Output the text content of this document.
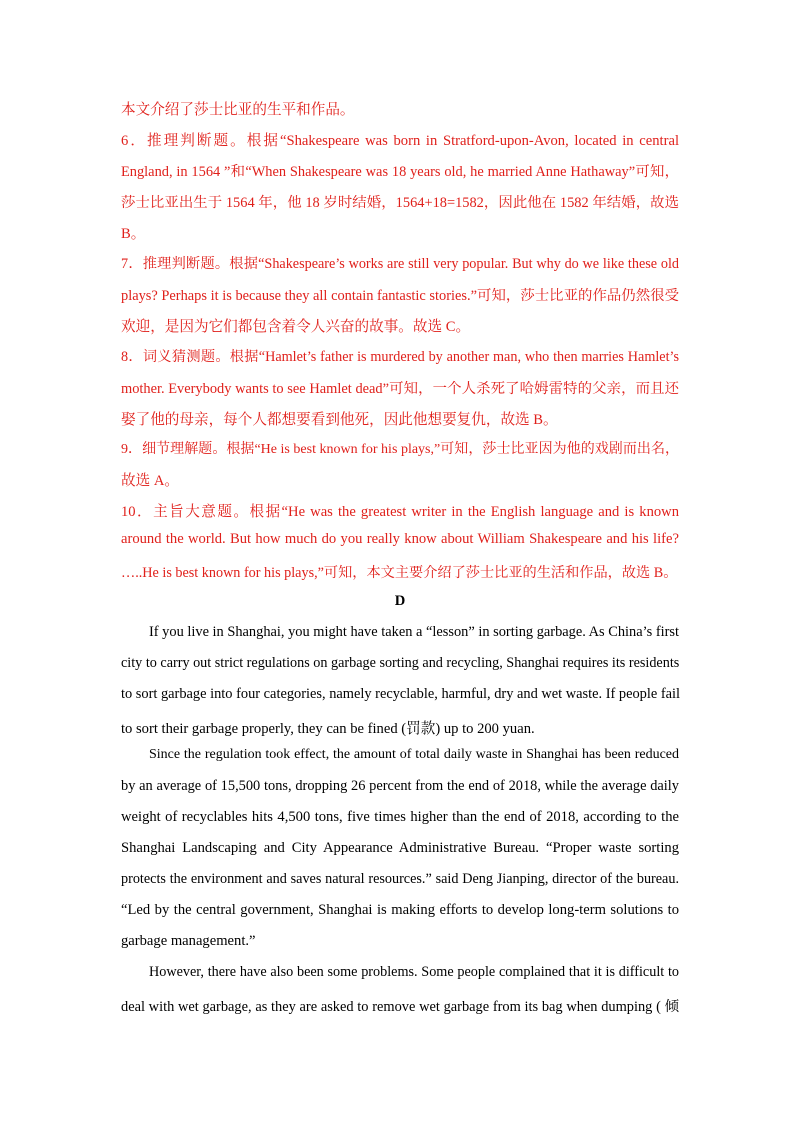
本文介绍了莎士比亚的生平和作品。
6．推理判断题。根据“Shakespeare was born in Stratford-upon-Avon, located in central
England, in 1564 ”和“When Shakespeare was 18 years old, he married Anne Hathaway”可知，
莎士比亚出生于 1564 年，他 18 岁时结婚，1564+18=1582，因此他在 1582 年结婚，故选
B。
7．推理判断题。根据“Shakespeare’s works are still very popular. But why do we like these old
plays? Perhaps it is because they all contain fantastic stories.”可知，莎士比亚的作品仍然很受
欢迎，是因为它们都包含着令人兴奋的故事。故选 C。
8．词义猜测题。根据“Hamlet’s father is murdered by another man, who then marries Hamlet’s
mother. Everybody wants to see Hamlet dead”可知，一个人杀死了哈姆雷特的父亲，而且还
娶了他的母亲，每个人都想要看到他死，因此他想要复仇，故选 B。
9．细节理解题。根据“He is best known for his plays,”可知，莎士比亚因为他的戏剧而出名，
故选 A。
10．主旨大意题。根据“He was the greatest writer in the English language and is known
around the world. But how much do you really know about William Shakespeare and his life?
…..He is best known for his plays,”可知，本文主要介绍了莎士比亚的生活和作品，故选 B。
D
If you live in Shanghai, you might have taken a “lesson” in sorting garbage. As China’s first
city to carry out strict regulations on garbage sorting and recycling, Shanghai requires its residents
to sort garbage into four categories, namely recyclable, harmful, dry and wet waste. If people fail
to sort their garbage properly, they can be fined (罚款) up to 200 yuan.
Since the regulation took effect, the amount of total daily waste in Shanghai has been reduced
by an average of 15,500 tons, dropping 26 percent from the end of 2018, while the average daily
weight of recyclables hits 4,500 tons, five times higher than the end of 2018, according to the
Shanghai Landscaping and City Appearance Administrative Bureau. “Proper waste sorting
protects the environment and saves natural resources.” said Deng Jianping, director of the bureau.
“Led by the central government, Shanghai is making efforts to develop long-term solutions to
garbage management.”
However, there have also been some problems. Some people complained that it is difficult to
deal with wet garbage, as they are asked to remove wet garbage from its bag when dumping ( 倾
